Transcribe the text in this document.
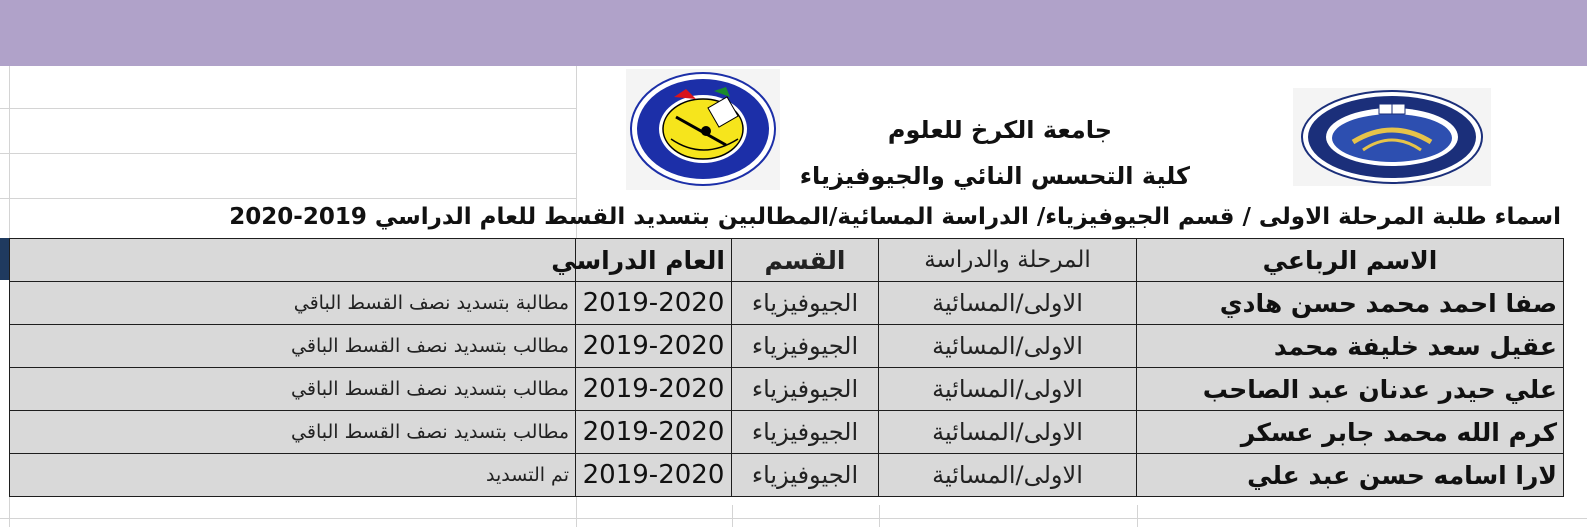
جامعة الكرخ للعلوم
كلية التحسس النائي والجيوفيزياء
اسماء طلبة المرحلة الاولى / قسم الجيوفيزياء/ الدراسة المسائية/المطالبين بتسديد القسط للعام الدراسي 2019-2020
	العام الدراسي	القسم	المرحلة والدراسة	الاسم الرباعي
مطالبة بتسديد نصف القسط الباقي	2019-2020	الجيوفيزياء	الاولى/المسائية	صفا احمد محمد حسن هادي
مطالب بتسديد نصف القسط الباقي	2019-2020	الجيوفيزياء	الاولى/المسائية	عقيل سعد خليفة محمد
مطالب بتسديد نصف القسط الباقي	2019-2020	الجيوفيزياء	الاولى/المسائية	علي حيدر عدنان عبد الصاحب
مطالب بتسديد نصف القسط الباقي	2019-2020	الجيوفيزياء	الاولى/المسائية	كرم الله محمد جابر عسكر
تم التسديد	2019-2020	الجيوفيزياء	الاولى/المسائية	لارا اسامه حسن عبد علي
